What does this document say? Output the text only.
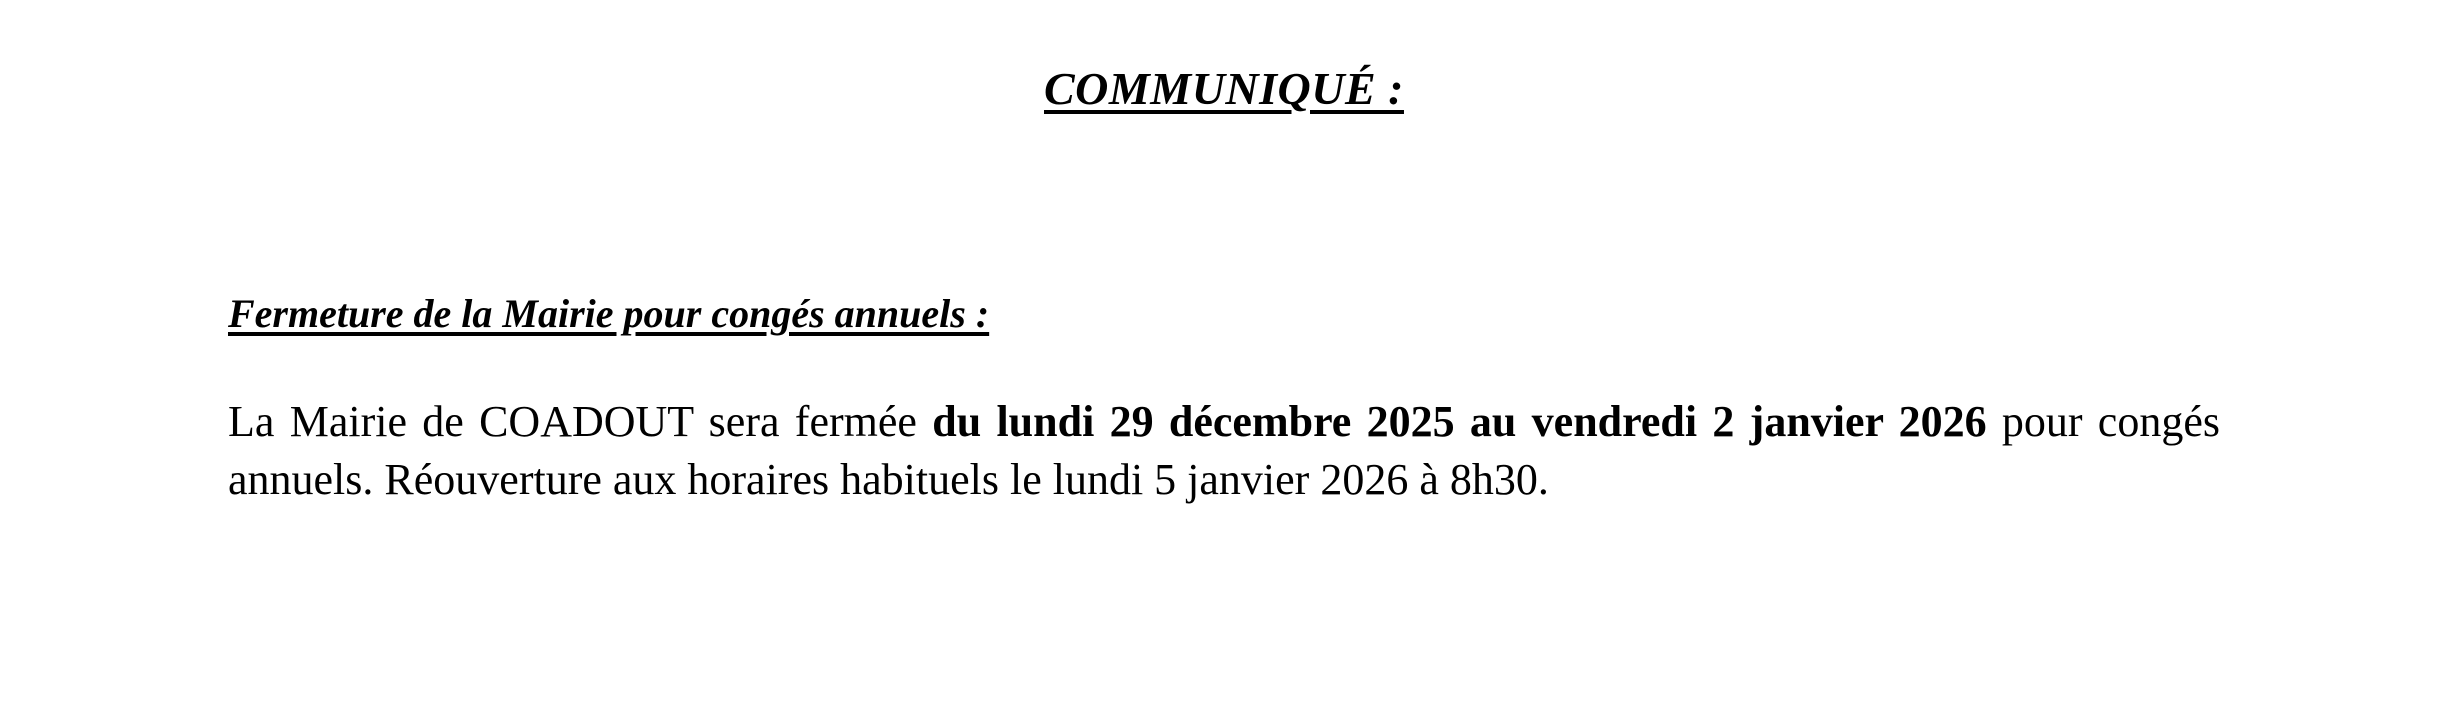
COMMUNIQUÉ :
Fermeture de la Mairie pour congés annuels :

La Mairie de COADOUT sera fermée du lundi 29 décembre 2025 au vendredi 2 janvier 2026 pour congés annuels. Réouverture aux horaires habituels le lundi 5 janvier 2026 à 8h30.
